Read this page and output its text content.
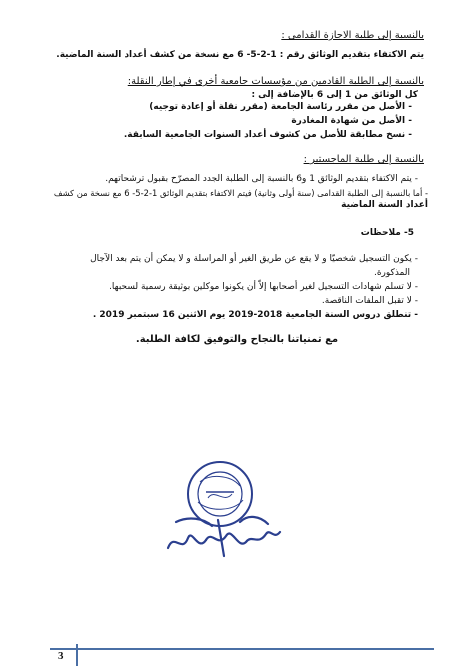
بالنسبة إلى طلبة الاجازة القدامى :
يتم الاكتفاء بتقديم الوثائق رقم : 1-2-5- 6 مع نسخة من كشف أعداد السنة الماضية.
بالنسبة إلى الطلبة القادمين من مؤسسات جامعية أخرى في إطار النقلة:
كل الوثائق من 1 إلى 6 بالإضافة إلى :
- الأصل من مقرر رئاسة الجامعة (مقرر نقلة أو إعادة توجيه)
- الأصل من شهادة المغادرة
- نسخ مطابقة للأصل من كشوف أعداد السنوات الجامعية السابقة.
بالنسبة إلى طلبة الماجستير :
- يتم الاكتفاء بتقديم الوثائق 1 و6 بالنسبة إلى الطلبة الجدد المصرّح بقبول ترشحاتهم.
- أما بالنسبة إلى الطلبة القدامى (سنة أولى وثانية) فيتم الاكتفاء بتقديم الوثائق 1-2-5- 6 مع نسخة من كشف
أعداد السنة الماضية
5- ملاحظات
- يكون التسجيل شخصيّا و لا يقع عن طريق الغير أو المراسلة و لا يمكن أن يتم بعد الآجال
المذكورة.
- لا تسلم شهادات التسجيل لغير أصحابها إلاّ أن يكونوا موكلين بوثيقة رسمية لسحبها.
- لا تقبل الملفات الناقصة.
- تنطلق دروس السنة الجامعية 2018-2019 يوم الاثنين 16 سبتمبر 2019 .
مع تمنياتنا بالنجاح والتوفيق لكافة الطلبة.
3
